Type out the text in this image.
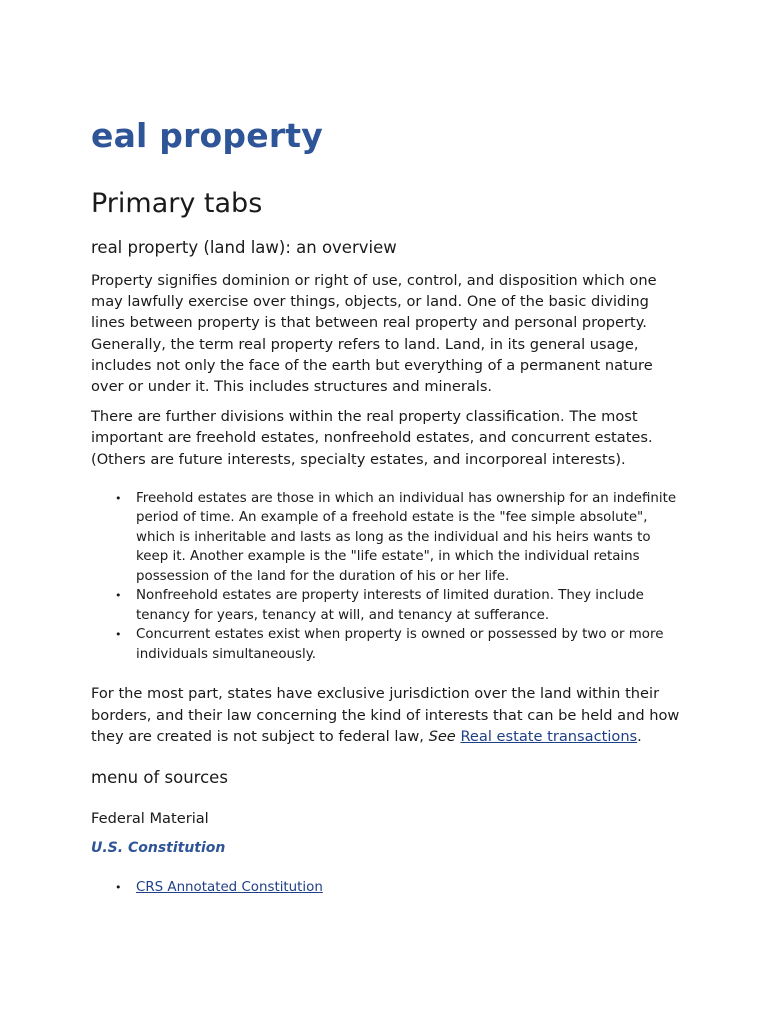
eal property
Primary tabs
real property (land law): an overview

Property signifies dominion or right of use, control, and disposition which one may lawfully exercise over things, objects, or land. One of the basic dividing lines between property is that between real property and personal property. Generally, the term real property refers to land. Land, in its general usage, includes not only the face of the earth but everything of a permanent nature over or under it. This includes structures and minerals.

There are further divisions within the real property classification. The most important are freehold estates, nonfreehold estates, and concurrent estates. (Others are future interests, specialty estates, and incorporeal interests).

• Freehold estates are those in which an individual has ownership for an indefinite period of time. An example of a freehold estate is the "fee simple absolute", which is inheritable and lasts as long as the individual and his heirs wants to keep it. Another example is the "life estate", in which the individual retains possession of the land for the duration of his or her life.
• Nonfreehold estates are property interests of limited duration. They include tenancy for years, tenancy at will, and tenancy at sufferance.
• Concurrent estates exist when property is owned or possessed by two or more individuals simultaneously.

For the most part, states have exclusive jurisdiction over the land within their borders, and their law concerning the kind of interests that can be held and how they are created is not subject to federal law, See Real estate transactions.

menu of sources

Federal Material

U.S. Constitution

• CRS Annotated Constitution
